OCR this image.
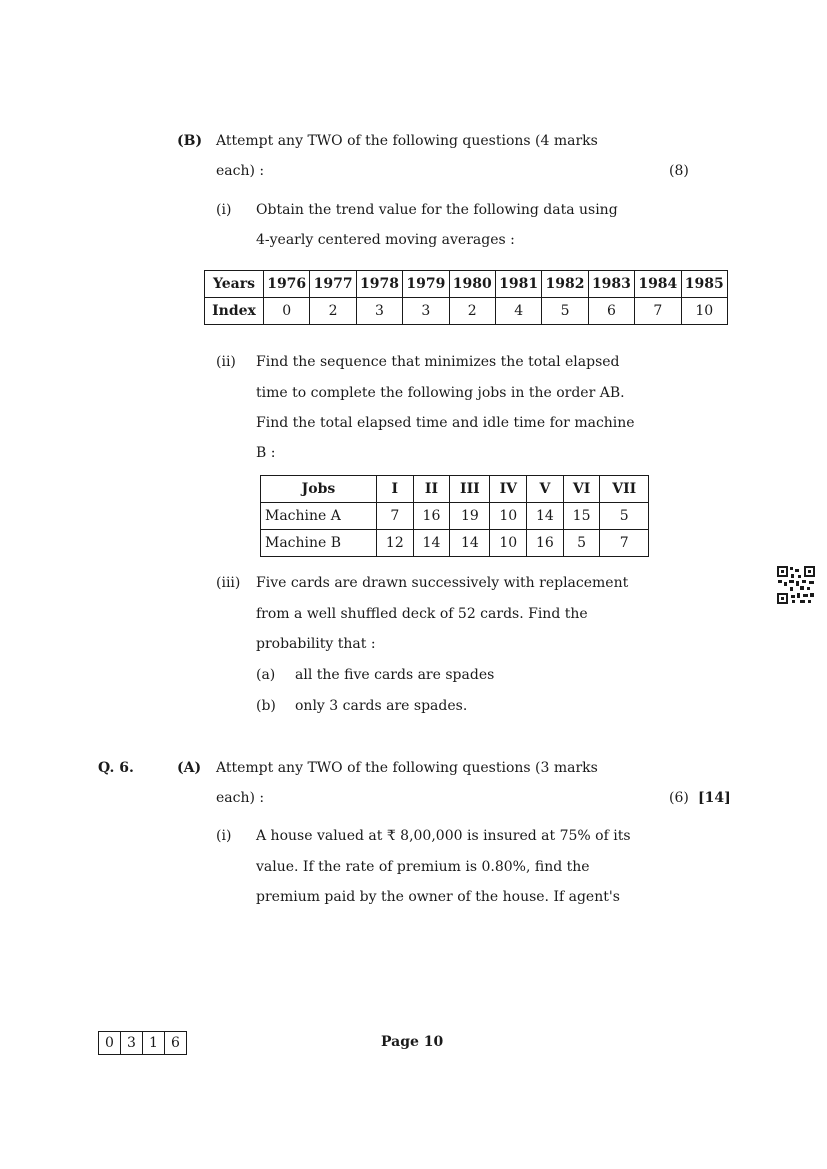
(B) Attempt any TWO of the following questions (4 marks
each) :	(8)
(i) Obtain the trend value for the following data using
4-yearly centered moving averages :
Years	1976	1977	1978	1979	1980	1981	1982	1983	1984	1985
Index	0	2	3	3	2	4	5	6	7	10
(ii) Find the sequence that minimizes the total elapsed
time to complete the following jobs in the order AB.
Find the total elapsed time and idle time for machine
B :
Jobs	I	II	III	IV	V	VI	VII
Machine A	7	16	19	10	14	15	5
Machine B	12	14	14	10	16	5	7
(iii) Five cards are drawn successively with replacement
from a well shuffled deck of 52 cards. Find the
probability that :
(a) all the five cards are spades
(b) only 3 cards are spades.
Q. 6.	(A) Attempt any TWO of the following questions (3 marks
each) :	(6) [14]
(i) A house valued at ₹ 8,00,000 is insured at 75% of its
value. If the rate of premium is 0.80%, find the
premium paid by the owner of the house. If agent's
0	3	1	6	Page 10
